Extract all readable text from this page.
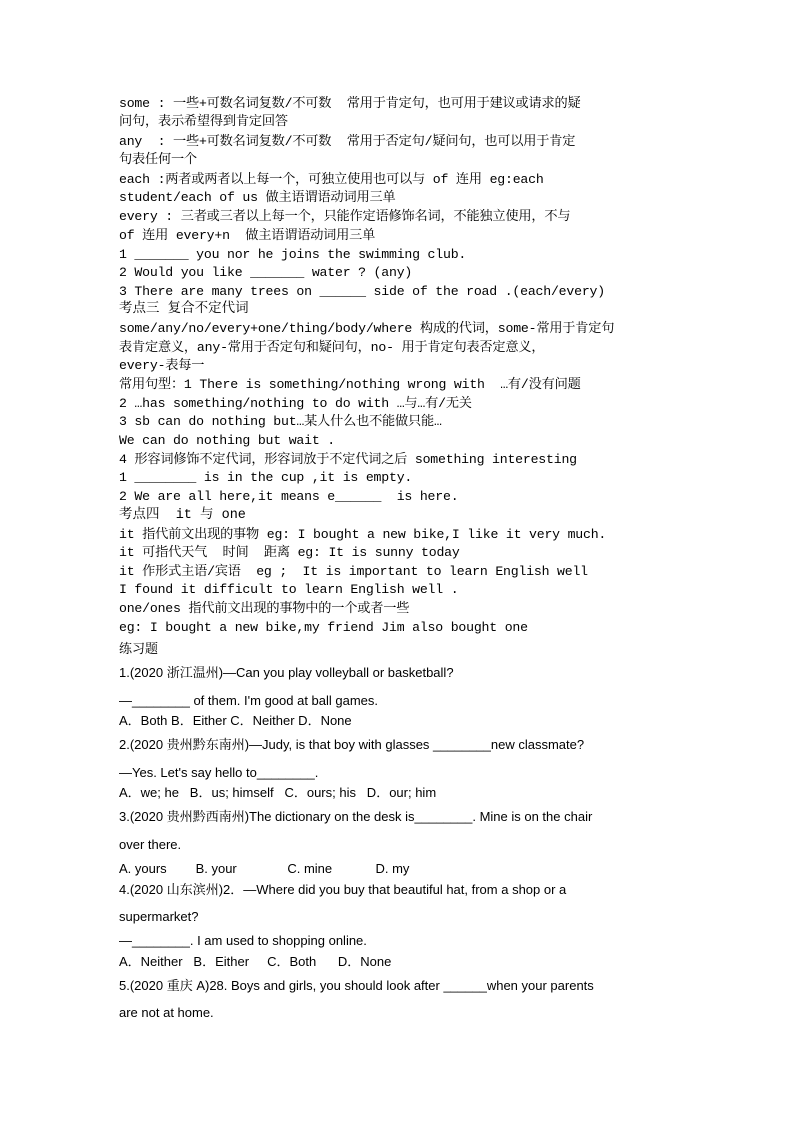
some : 一些+可数名词复数/不可数  常用于肯定句，也可用于建议或请求的疑
问句，表示希望得到肯定回答
any  : 一些+可数名词复数/不可数  常用于否定句/疑问句，也可以用于肯定
句表任何一个
each :两者或两者以上每一个，可独立使用也可以与 of 连用 eg:each
student/each of us 做主语谓语动词用三单
every : 三者或三者以上每一个，只能作定语修饰名词，不能独立使用，不与
of 连用 every+n  做主语谓语动词用三单
1 _______ you nor he joins the swimming club.
2 Would you like _______ water ? (any)
3 There are many trees on ______ side of the road .(each/every)
考点三 复合不定代词
some/any/no/every+one/thing/body/where 构成的代词，some-常用于肯定句
表肯定意义，any-常用于否定句和疑问句，no- 用于肯定句表否定意义，
every-表每一
常用句型：1 There is something/nothing wrong with  …有/没有问题
2 …has something/nothing to do with …与…有/无关
3 sb can do nothing but…某人什么也不能做只能…
We can do nothing but wait .
4 形容词修饰不定代词，形容词放于不定代词之后 something interesting
1 ________ is in the cup ,it is empty.
2 We are all here,it means e______  is here.
考点四  it 与 one
it 指代前文出现的事物 eg: I bought a new bike,I like it very much.
it 可指代天气  时间  距离 eg: It is sunny today
it 作形式主语/宾语  eg ;  It is important to learn English well
I found it difficult to learn English well .
one/ones 指代前文出现的事物中的一个或者一些
eg: I bought a new bike,my friend Jim also bought one
练习题
1.(2020 浙江温州)—Can you play volleyball or basketball?
—________ of them. I'm good at ball games.
A．Both B．Either C．Neither D．None
2.(2020 贵州黔东南州)—Judy, is that boy with glasses ________new classmate?
—Yes. Let's say hello to________.
A．we; he   B．us; himself   C．ours; his   D．our; him
3.(2020 贵州黔西南州)The dictionary on the desk is________. Mine is on the chair
over there.
A. yours        B. your              C. mine            D. my
4.(2020 山东滨州)2．—Where did you buy that beautiful hat, from a shop or a
supermarket?
—________. I am used to shopping online.
A．Neither   B．Either     C．Both      D．None
5.(2020 重庆 A)28. Boys and girls, you should look after ______when your parents
are not at home.
